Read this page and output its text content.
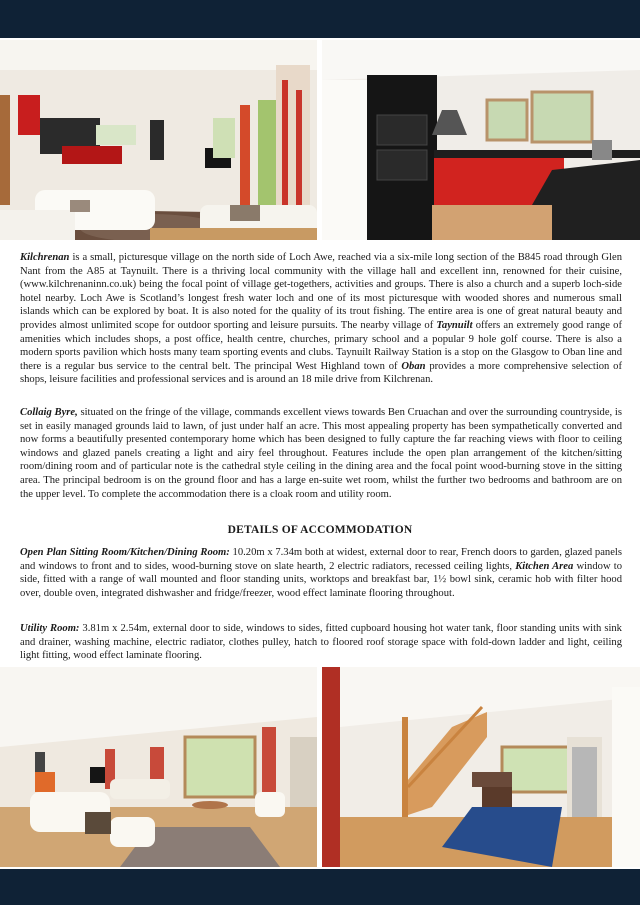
Kilchrenan is a small, picturesque village on the north side of Loch Awe, reached via a six-mile long section of the B845 road through Glen Nant from the A85 at Taynuilt. There is a thriving local community with the village hall and excellent inn, renowned for their cuisine, (www.kilchrenaninn.co.uk) being the focal point of village get-togethers, activities and groups. There is also a church and a superb loch-side hotel nearby. Loch Awe is Scotland’s longest fresh water loch and one of its most picturesque with wooded shores and numerous small islands which can be explored by boat. It is also noted for the quality of its trout fishing. The entire area is one of great natural beauty and provides almost unlimited scope for outdoor sporting and leisure pursuits. The nearby village of Taynuilt offers an extremely good range of amenities which includes shops, a post office, health centre, churches, primary school and a popular 9 hole golf course. There is also a modern sports pavilion which hosts many team sporting events and clubs. Taynuilt Railway Station is a stop on the Glasgow to Oban line and there is a regular bus service to the central belt. The principal West Highland town of Oban provides a more comprehensive selection of shops, leisure facilities and professional services and is around an 18 mile drive from Kilchrenan.

Collaig Byre, situated on the fringe of the village, commands excellent views towards Ben Cruachan and over the surrounding countryside, is set in easily managed grounds laid to lawn, of just under half an acre. This most appealing property has been sympathetically converted and now forms a beautifully presented contemporary home which has been designed to fully capture the far reaching views with floor to ceiling windows and glazed panels creating a light and airy feel throughout. Features include the open plan arrangement of the kitchen/sitting room/dining room and of particular note is the cathedral style ceiling in the dining area and the focal point wood-burning stove in the sitting area. The principal bedroom is on the ground floor and has a large en-suite wet room, whilst the further two bedrooms and bathroom are on the upper level. To complete the accommodation there is a cloak room and utility room.

DETAILS OF ACCOMMODATION

Open Plan Sitting Room/Kitchen/Dining Room: 10.20m x 7.34m both at widest, external door to rear, French doors to garden, glazed panels and windows to front and to sides, wood-burning stove on slate hearth, 2 electric radiators, recessed ceiling lights, Kitchen Area window to side, fitted with a range of wall mounted and floor standing units, worktops and breakfast bar, 1½ bowl sink, ceramic hob with filter hood over, double oven, integrated dishwasher and fridge/freezer, wood effect laminate flooring throughout.

Utility Room: 3.81m x 2.54m, external door to side, windows to sides, fitted cupboard housing hot water tank, floor standing units with sink and drainer, washing machine, electric radiator, clothes pulley, hatch to floored roof storage space with fold-down ladder and light, ceiling light fitting, wood effect laminate flooring.
